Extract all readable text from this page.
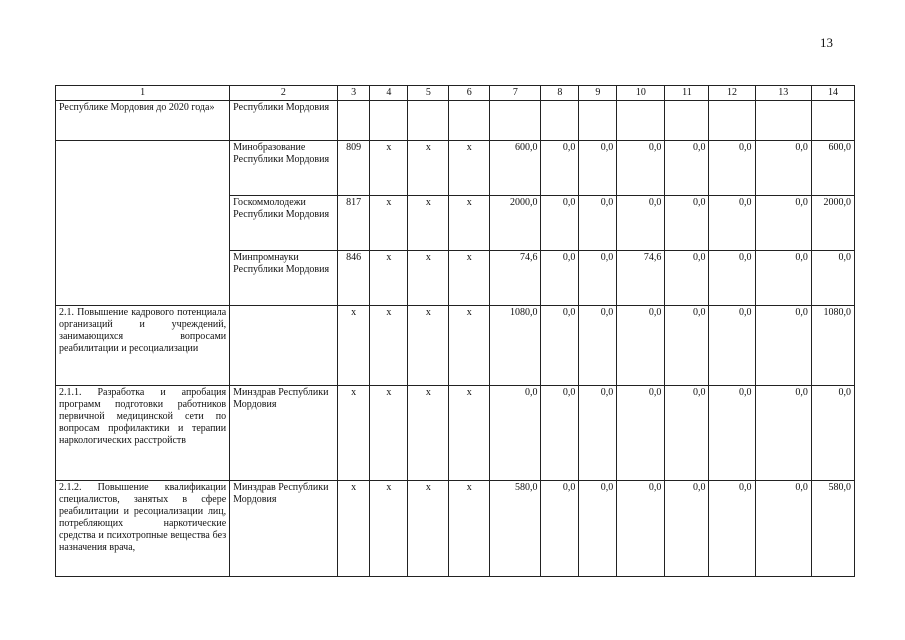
13
1	2	3	4	5	6	7	8	9	10	11	12	13	14
Республике Мордовия до 2020 года»	Республики Мордовия												
	Минобразование Республики Мордовия	809	x	x	x	600,0	0,0	0,0	0,0	0,0	0,0	0,0	600,0
	Госкоммолодежи Республики Мордовия	817	x	x	x	2000,0	0,0	0,0	0,0	0,0	0,0	0,0	2000,0
	Минпромнауки Республики Мордовия	846	x	x	x	74,6	0,0	0,0	74,6	0,0	0,0	0,0	0,0
2.1. Повышение кадрового потенциала организаций и учреждений, занимающихся вопросами реабилитации и ресоциализации		x	x	x	x	1080,0	0,0	0,0	0,0	0,0	0,0	0,0	1080,0
2.1.1. Разработка и апробация программ подготовки работников первичной медицинской сети по вопросам профилактики и терапии наркологических расстройств	Минздрав Республики Мордовия	x	x	x	x	0,0	0,0	0,0	0,0	0,0	0,0	0,0	0,0
2.1.2. Повышение квалификации специалистов, занятых в сфере реабилитации и ресоциализации лиц, потребляющих наркотические средства и психотропные вещества без назначения врача,	Минздрав Республики Мордовия	x	x	x	x	580,0	0,0	0,0	0,0	0,0	0,0	0,0	580,0
